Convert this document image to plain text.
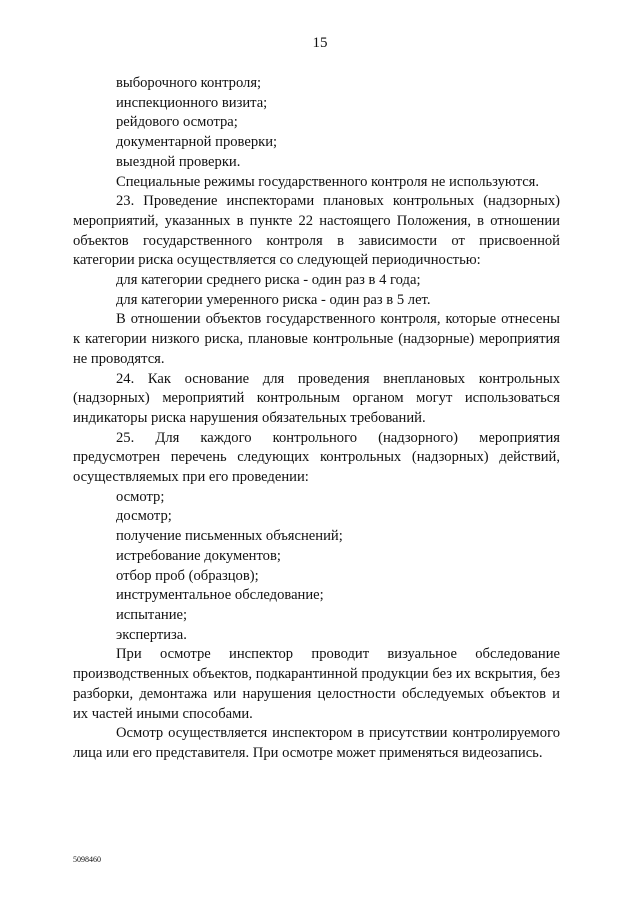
15

выборочного контроля;

инспекционного визита;

рейдового осмотра;

документарной проверки;

выездной проверки.

Специальные режимы государственного контроля не используются.

23. Проведение инспекторами плановых контрольных (надзорных) мероприятий, указанных в пункте 22 настоящего Положения, в отношении объектов государственного контроля в зависимости от присвоенной категории риска осуществляется со следующей периодичностью:

для категории среднего риска - один раз в 4 года;

для категории умеренного риска - один раз в 5 лет.

В отношении объектов государственного контроля, которые отнесены к категории низкого риска, плановые контрольные (надзорные) мероприятия не проводятся.

24. Как основание для проведения внеплановых контрольных (надзорных) мероприятий контрольным органом могут использоваться индикаторы риска нарушения обязательных требований.

25. Для каждого контрольного (надзорного) мероприятия предусмотрен перечень следующих контрольных (надзорных) действий, осуществляемых при его проведении:

осмотр;

досмотр;

получение письменных объяснений;

истребование документов;

отбор проб (образцов);

инструментальное обследование;

испытание;

экспертиза.

При осмотре инспектор проводит визуальное обследование производственных объектов, подкарантинной продукции без их вскрытия, без разборки, демонтажа или нарушения целостности обследуемых объектов и их частей иными способами.

Осмотр осуществляется инспектором в присутствии контролируемого лица или его представителя. При осмотре может применяться видеозапись.

5098460
